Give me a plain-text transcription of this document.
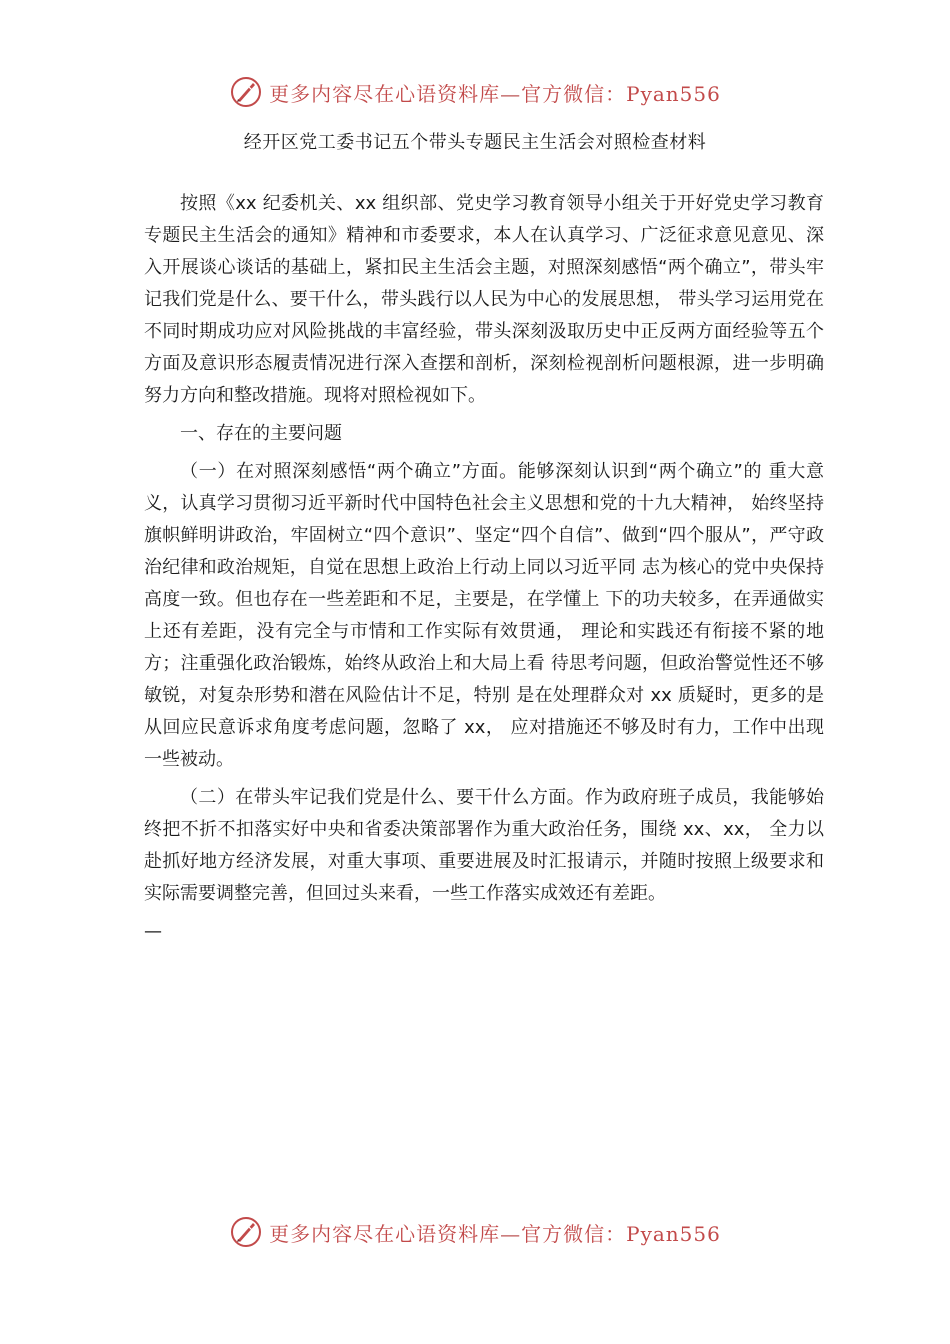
更多内容尽在心语资料库—官方微信：Pyan556
经开区党工委书记五个带头专题民主生活会对照检查材料

按照《xx 纪委机关、xx 组织部、党史学习教育领导小组关于开好党史学习教育专题民主生活会的通知》精神和市委要求，本人在认真学习、广泛征求意见意见、深入开展谈心谈话的基础上，紧扣民主生活会主题，对照深刻感悟“两个确立”，带头牢记我们党是什么、要干什么，带头践行以人民为中心的发展思想， 带头学习运用党在不同时期成功应对风险挑战的丰富经验，带头深刻汲取历史中正反两方面经验等五个方面及意识形态履责情况进行深入查摆和剖析，深刻检视剖析问题根源，进一步明确努力方向和整改措施。现将对照检视如下。

一、存在的主要问题

（一）在对照深刻感悟“两个确立”方面。能够深刻认识到“两个确立”的 重大意义，认真学习贯彻习近平新时代中国特色社会主义思想和党的十九大精神， 始终坚持旗帜鲜明讲政治，牢固树立“四个意识”、坚定“四个自信”、做到“四个服从”，严守政治纪律和政治规矩，自觉在思想上政治上行动上同以习近平同 志为核心的党中央保持高度一致。但也存在一些差距和不足，主要是，在学懂上 下的功夫较多，在弄通做实上还有差距，没有完全与市情和工作实际有效贯通， 理论和实践还有衔接不紧的地方；注重强化政治锻炼，始终从政治上和大局上看 待思考问题，但政治警觉性还不够敏锐，对复杂形势和潜在风险估计不足，特别 是在处理群众对 xx 质疑时，更多的是从回应民意诉求角度考虑问题，忽略了 xx， 应对措施还不够及时有力，工作中出现一些被动。

（二）在带头牢记我们党是什么、要干什么方面。作为政府班子成员，我能够始终把不折不扣落实好中央和省委决策部署作为重大政治任务，围绕 xx、xx， 全力以赴抓好地方经济发展，对重大事项、重要进展及时汇报请示，并随时按照上级要求和实际需要调整完善，但回过头来看，一些工作落实成效还有差距。

—
更多内容尽在心语资料库—官方微信：Pyan556
